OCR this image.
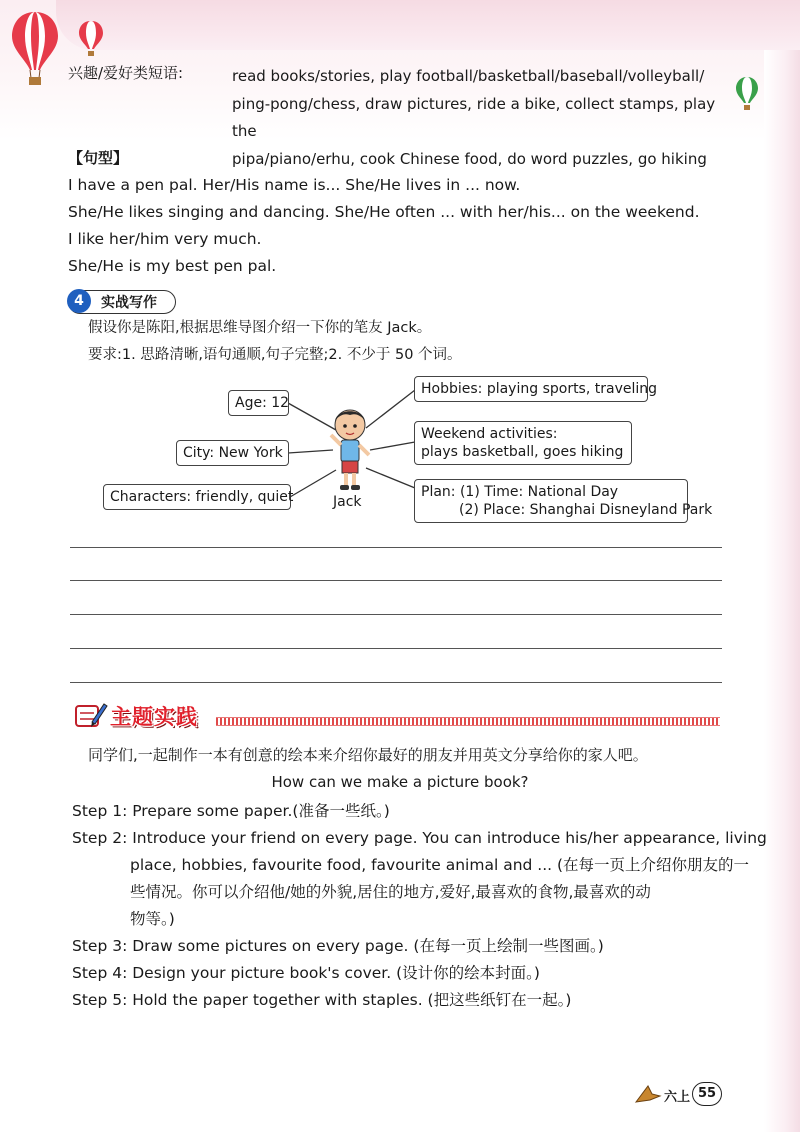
兴趣/爱好类短语:	read books/stories, play football/basketball/baseball/volleyball/
ping-pong/chess, draw pictures, ride a bike, collect stamps, play the
pipa/piano/erhu, cook Chinese food, do word puzzles, go hiking
【句型】
I have a pen pal. Her/His name is... She/He lives in ... now.
She/He likes singing and dancing. She/He often ... with her/his... on the weekend.
I like her/him very much.
She/He is my best pen pal.
4	实战写作
假设你是陈阳,根据思维导图介绍一下你的笔友 Jack。
要求:1. 思路清晰,语句通顺,句子完整;2. 不少于 50 个词。
Jack
Age: 12
City: New York
Characters: friendly, quiet
Hobbies: playing sports, traveling
Weekend activities:
plays basketball, goes hiking
Plan: (1) Time: National Day
(2) Place: Shanghai Disneyland Park
主题实践
同学们,一起制作一本有创意的绘本来介绍你最好的朋友并用英文分享给你的家人吧。
How can we make a picture book?
Step 1: Prepare some paper.(准备一些纸。)
Step 2: Introduce your friend on every page. You can introduce his/her appearance, living
place, hobbies, favourite food, favourite animal and ... (在每一页上介绍你朋友的一
些情况。你可以介绍他/她的外貌,居住的地方,爱好,最喜欢的食物,最喜欢的动
物等。)
Step 3: Draw some pictures on every page. (在每一页上绘制一些图画。)
Step 4: Design your picture book's cover. (设计你的绘本封面。)
Step 5: Hold the paper together with staples. (把这些纸钉在一起。)
六上 55
